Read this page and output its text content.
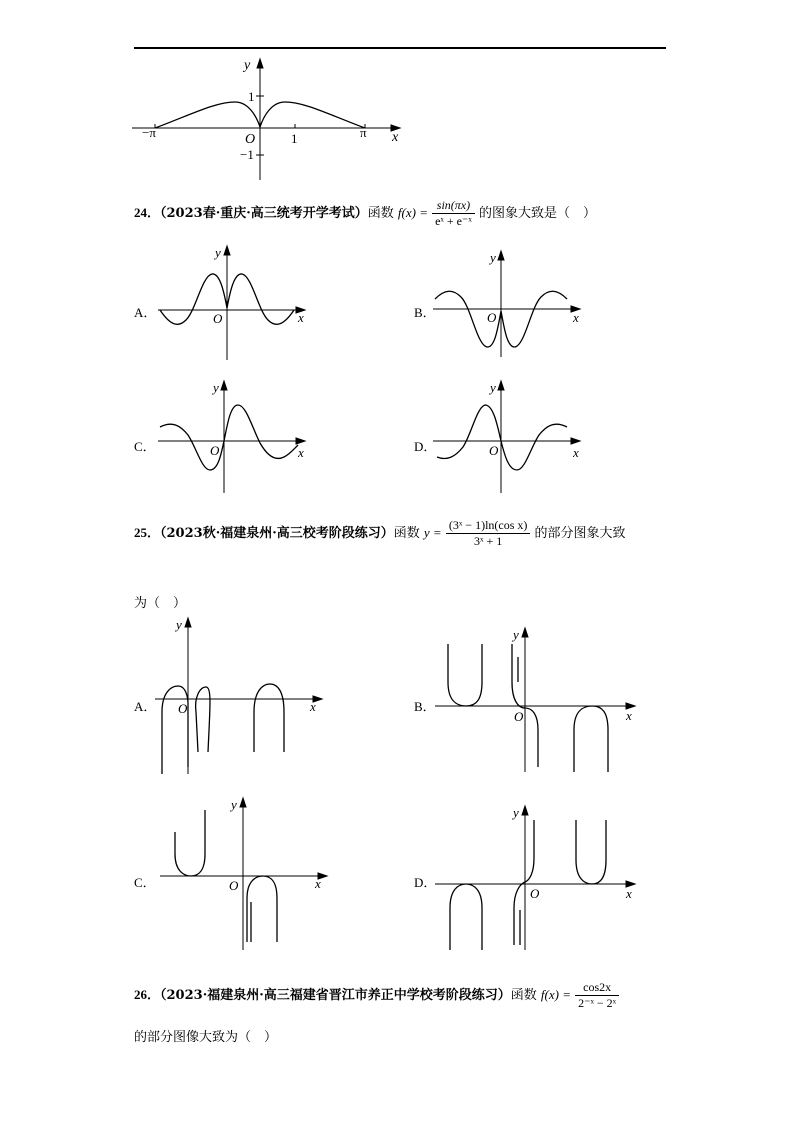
y
x
O
1
−1
1
−π	π
24．（2023春·重庆·高三统考开学考试）函数 $f(x) = \frac{\sin(\pi x)}{\text{eˣ + e⁻ˣ}}$ 的图象大致是（　）
A．
y
O	x	B．
y
O	x
C．
y
O	x	D．
y
O	x
25．（2023秋·福建泉州·高三校考阶段练习）函数 $y = \frac{\text{(3ˣ − 1)ln(cos x)}}{\text{3ˣ + 1}}$ 的部分图象大致
为（　）
A．
y
O	x	B．
y
O	x
C．
y
O	x	D．
y
O	x
26．（2023·福建泉州·高三福建省晋江市养正中学校考阶段练习）函数 $f(x) = \frac{\cos 2x}{\text{2⁻ˣ − 2ˣ}}$
的部分图像大致为（　）
